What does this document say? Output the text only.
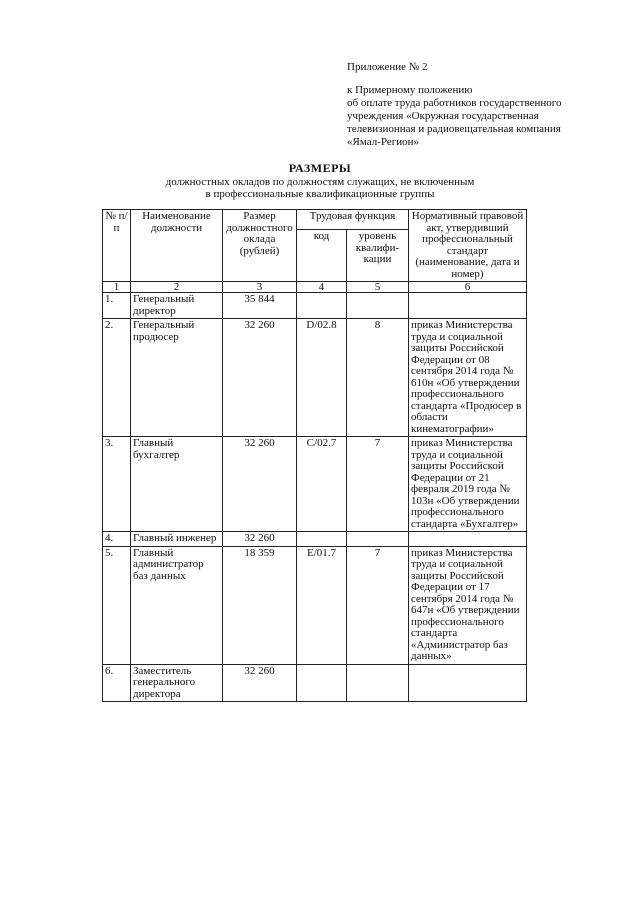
Приложение № 2
к Примерному положению
об оплате труда работников государственного
учреждения «Окружная государственная
телевизионная и радиовещательная компания
«Ямал-Регион»
РАЗМЕРЫ
должностных окладов по должностям служащих, не включенным
в профессиональные квалификационные группы
№ п/п	Наименование должности	Размер должностного оклада (рублей)	Трудовая функция		Нормативный правовой акт, утвердивший профессиональный стандарт (наименование, дата и номер)
			код	уровень квалифи-кации	
1	2	3	4	5	6
1.	Генеральный директор	35 844			
2.	Генеральный продюсер	32 260	D/02.8	8	приказ Министерства труда и социальной защиты Российской Федерации от 08 сентября 2014 года № 610н «Об утверждении профессионального стандарта «Продюсер в области кинематографии»
3.	Главный бухгалтер	32 260	C/02.7	7	приказ Министерства труда и социальной защиты Российской Федерации от 21 февраля 2019 года № 103н «Об утверждении профессионального стандарта «Бухгалтер»
4.	Главный инженер	32 260			
5.	Главный администратор баз данных	18 359	E/01.7	7	приказ Министерства труда и социальной защиты Российской Федерации от 17 сентября 2014 года № 647н «Об утверждении профессионального стандарта «Администратор баз данных»
6.	Заместитель генерального директора	32 260			
